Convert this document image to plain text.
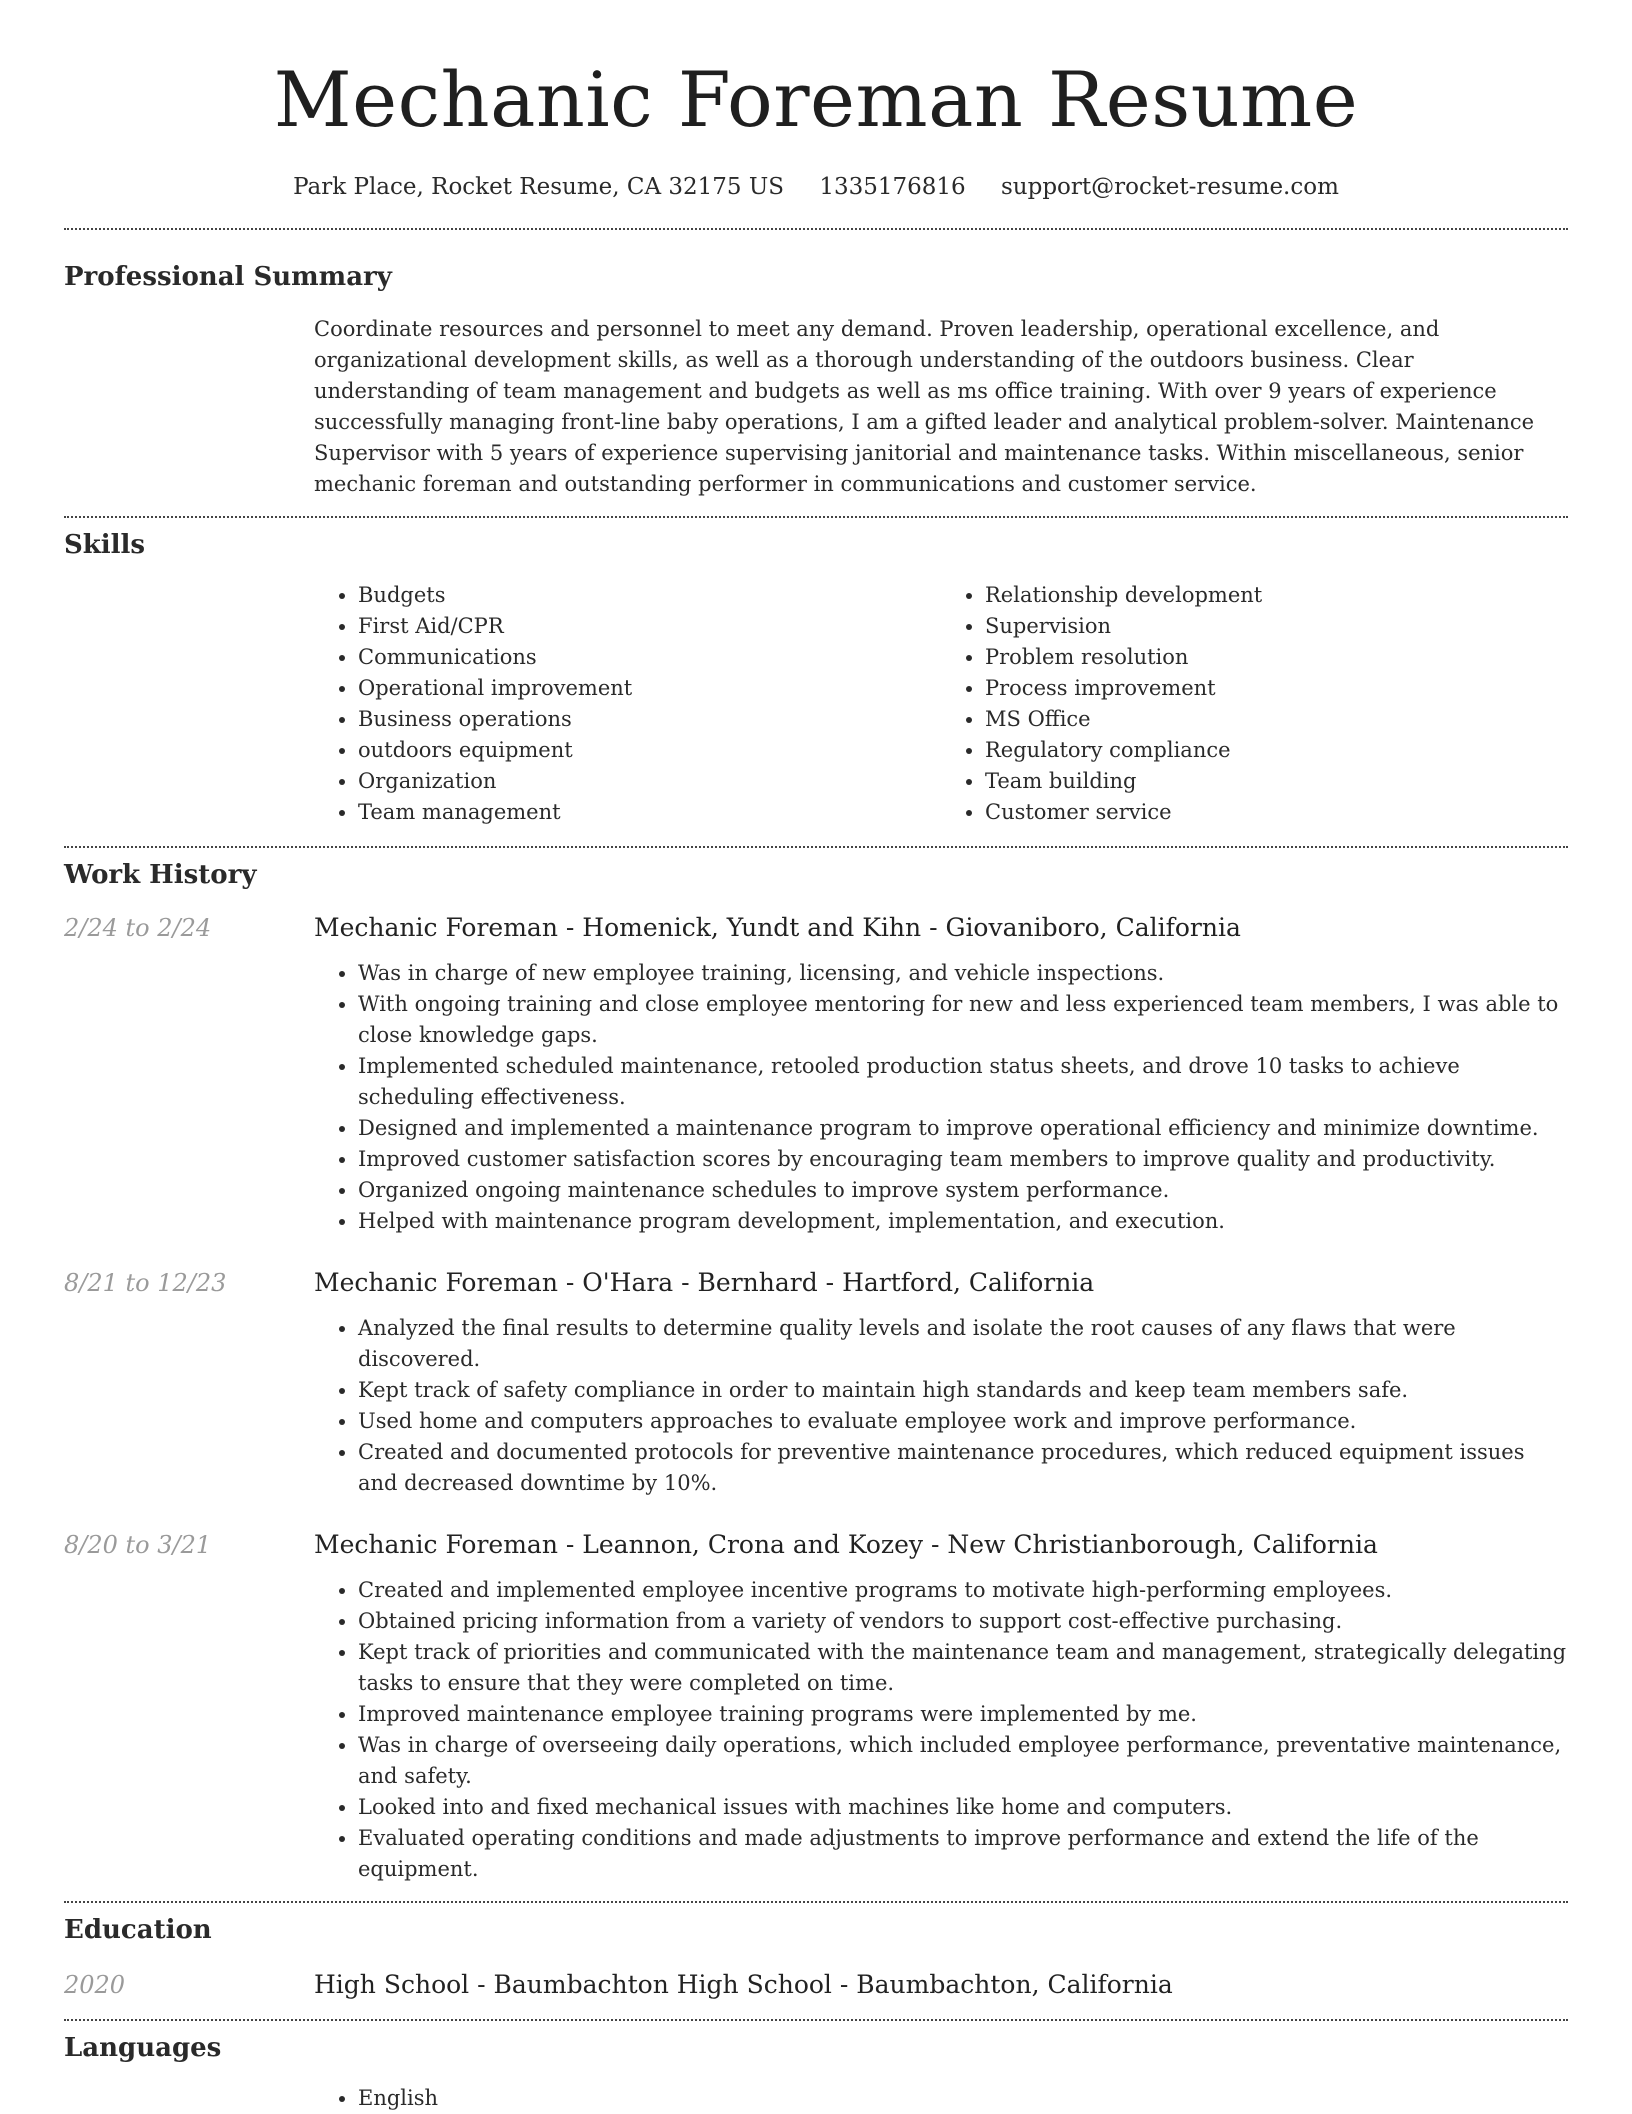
Mechanic Foreman Resume
Park Place, Rocket Resume, CA 32175 US 1335176816 support@rocket-resume.com
Professional Summary
Coordinate resources and personnel to meet any demand. Proven leadership, operational excellence, and organizational development skills, as well as a thorough understanding of the outdoors business. Clear understanding of team management and budgets as well as ms office training. With over 9 years of experience successfully managing front-line baby operations, I am a gifted leader and analytical problem-solver. Maintenance Supervisor with 5 years of experience supervising janitorial and maintenance tasks. Within miscellaneous, senior mechanic foreman and outstanding performer in communications and customer service.
Skills
• Budgets
• First Aid/CPR
• Communications
• Operational improvement
• Business operations
• outdoors equipment
• Organization
• Team management
• Relationship development
• Supervision
• Problem resolution
• Process improvement
• MS Office
• Regulatory compliance
• Team building
• Customer service
Work History
2/24 to 2/24	Mechanic Foreman - Homenick, Yundt and Kihn - Giovaniboro, California
• Was in charge of new employee training, licensing, and vehicle inspections.
• With ongoing training and close employee mentoring for new and less experienced team members, I was able to close knowledge gaps.
• Implemented scheduled maintenance, retooled production status sheets, and drove 10 tasks to achieve scheduling effectiveness.
• Designed and implemented a maintenance program to improve operational efficiency and minimize downtime.
• Improved customer satisfaction scores by encouraging team members to improve quality and productivity.
• Organized ongoing maintenance schedules to improve system performance.
• Helped with maintenance program development, implementation, and execution.
8/21 to 12/23	Mechanic Foreman - O'Hara - Bernhard - Hartford, California
• Analyzed the final results to determine quality levels and isolate the root causes of any flaws that were discovered.
• Kept track of safety compliance in order to maintain high standards and keep team members safe.
• Used home and computers approaches to evaluate employee work and improve performance.
• Created and documented protocols for preventive maintenance procedures, which reduced equipment issues and decreased downtime by 10%.
8/20 to 3/21	Mechanic Foreman - Leannon, Crona and Kozey - New Christianborough, California
• Created and implemented employee incentive programs to motivate high-performing employees.
• Obtained pricing information from a variety of vendors to support cost-effective purchasing.
• Kept track of priorities and communicated with the maintenance team and management, strategically delegating tasks to ensure that they were completed on time.
• Improved maintenance employee training programs were implemented by me.
• Was in charge of overseeing daily operations, which included employee performance, preventative maintenance, and safety.
• Looked into and fixed mechanical issues with machines like home and computers.
• Evaluated operating conditions and made adjustments to improve performance and extend the life of the equipment.
Education
2020	High School - Baumbachton High School - Baumbachton, California
Languages
• English
